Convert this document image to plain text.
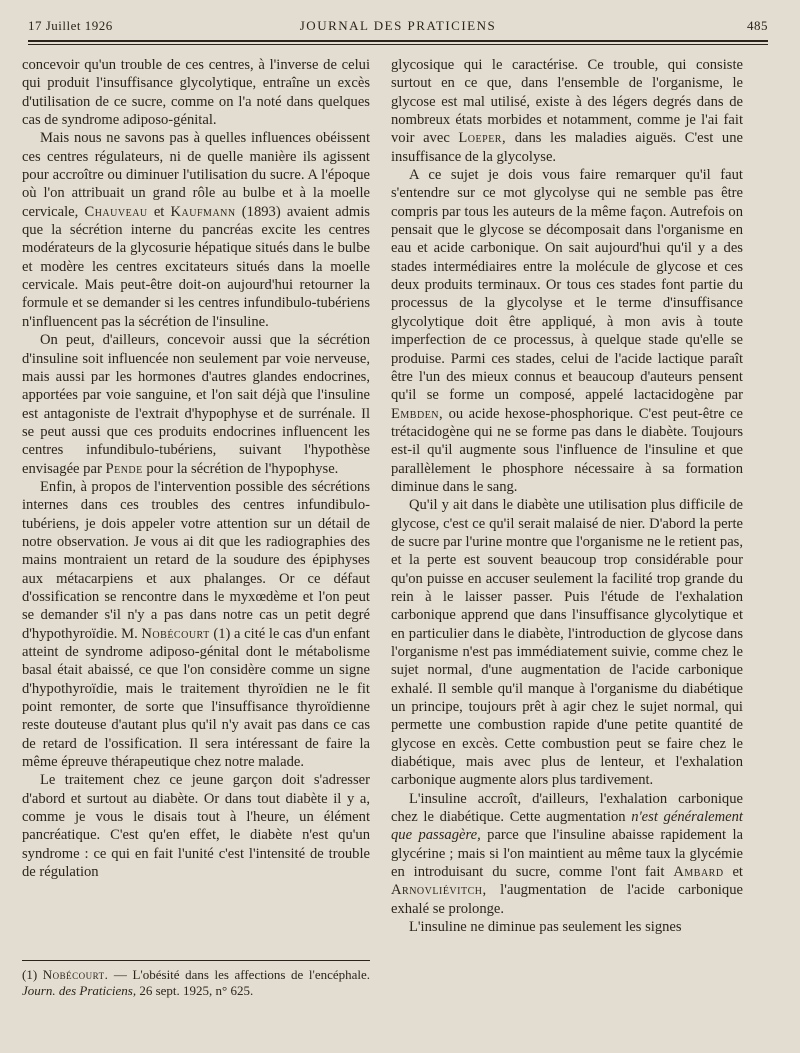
17 Juillet 1926	JOURNAL DES PRATICIENS	485

concevoir qu'un trouble de ces centres, à l'inverse de celui qui produit l'insuffisance glycolytique, entraîne un excès d'utilisation de ce sucre, comme on l'a noté dans quelques cas de syndrome adiposo-génital.

Mais nous ne savons pas à quelles influences obéissent ces centres régulateurs, ni de quelle manière ils agissent pour accroître ou diminuer l'utilisation du sucre. A l'époque où l'on attribuait un grand rôle au bulbe et à la moelle cervicale, Chauveau et Kaufmann (1893) avaient admis que la sécrétion interne du pancréas excite les centres modérateurs de la glycosurie hépatique situés dans le bulbe et modère les centres excitateurs situés dans la moelle cervicale. Mais peut-être doit-on aujourd'hui retourner la formule et se demander si les centres infundibulo-tubériens n'influencent pas la sécrétion de l'insuline.

On peut, d'ailleurs, concevoir aussi que la sécrétion d'insuline soit influencée non seulement par voie nerveuse, mais aussi par les hormones d'autres glandes endocrines, apportées par voie sanguine, et l'on sait déjà que l'insuline est antagoniste de l'extrait d'hypophyse et de surrénale. Il se peut aussi que ces produits endocrines influencent les centres infundibulo-tubériens, suivant l'hypothèse envisagée par Pende pour la sécrétion de l'hypophyse.

Enfin, à propos de l'intervention possible des sécrétions internes dans ces troubles des centres infundibulo-tubériens, je dois appeler votre attention sur un détail de notre observation. Je vous ai dit que les radiographies des mains montraient un retard de la soudure des épiphyses aux métacarpiens et aux phalanges. Or ce défaut d'ossification se rencontre dans le myxœdème et l'on peut se demander s'il n'y a pas dans notre cas un petit degré d'hypothyroïdie. M. Nobécourt (1) a cité le cas d'un enfant atteint de syndrome adiposo-génital dont le métabolisme basal était abaissé, ce que l'on considère comme un signe d'hypothyroïdie, mais le traitement thyroïdien ne le fit point remonter, de sorte que l'insuffisance thyroïdienne reste douteuse d'autant plus qu'il n'y avait pas dans ce cas de retard de l'ossification. Il sera intéressant de faire la même épreuve thérapeutique chez notre malade.

Le traitement chez ce jeune garçon doit s'adresser d'abord et surtout au diabète. Or dans tout diabète il y a, comme je vous le disais tout à l'heure, un élément pancréatique. C'est qu'en effet, le diabète n'est qu'un syndrome : ce qui en fait l'unité c'est l'intensité de trouble de régulation

(1) Nobécourt. — L'obésité dans les affections de l'encéphale. Journ. des Praticiens, 26 sept. 1925, n° 625.

glycosique qui le caractérise. Ce trouble, qui consiste surtout en ce que, dans l'ensemble de l'organisme, le glycose est mal utilisé, existe à des légers degrés dans de nombreux états morbides et notamment, comme je l'ai fait voir avec Loeper, dans les maladies aiguës. C'est une insuffisance de la glycolyse.

A ce sujet je dois vous faire remarquer qu'il faut s'entendre sur ce mot glycolyse qui ne semble pas être compris par tous les auteurs de la même façon. Autrefois on pensait que le glycose se décomposait dans l'organisme en eau et acide carbonique. On sait aujourd'hui qu'il y a des stades intermédiaires entre la molécule de glycose et ces deux produits terminaux. Or tous ces stades font partie du processus de la glycolyse et le terme d'insuffisance glycolytique doit être appliqué, à mon avis à toute imperfection de ce processus, à quelque stade qu'elle se produise. Parmi ces stades, celui de l'acide lactique paraît être l'un des mieux connus et beaucoup d'auteurs pensent qu'il se forme un composé, appelé lactacidogène par Embden, ou acide hexose-phosphorique. C'est peut-être ce trétacidogène qui ne se forme pas dans le diabète. Toujours est-il qu'il augmente sous l'influence de l'insuline et que parallèlement le phosphore nécessaire à sa formation diminue dans le sang.

Qu'il y ait dans le diabète une utilisation plus difficile de glycose, c'est ce qu'il serait malaisé de nier. D'abord la perte de sucre par l'urine montre que l'organisme ne le retient pas, et la perte est souvent beaucoup trop considérable pour qu'on puisse en accuser seulement la facilité trop grande du rein à le laisser passer. Puis l'étude de l'exhalation carbonique apprend que dans l'insuffisance glycolytique et en particulier dans le diabète, l'introduction de glycose dans l'organisme n'est pas immédiatement suivie, comme chez le sujet normal, d'une augmentation de l'acide carbonique exhalé. Il semble qu'il manque à l'organisme du diabétique un principe, toujours prêt à agir chez le sujet normal, qui permette une combustion rapide d'une petite quantité de glycose en excès. Cette combustion peut se faire chez le diabétique, mais avec plus de lenteur, et l'exhalation carbonique augmente alors plus tardivement.

L'insuline accroît, d'ailleurs, l'exhalation carbonique chez le diabétique. Cette augmentation n'est généralement que passagère, parce que l'insuline abaisse rapidement la glycérine ; mais si l'on maintient au même taux la glycémie en introduisant du sucre, comme l'ont fait Ambard et Arnovliévitch, l'augmentation de l'acide carbonique exhalé se prolonge.

L'insuline ne diminue pas seulement les signes
